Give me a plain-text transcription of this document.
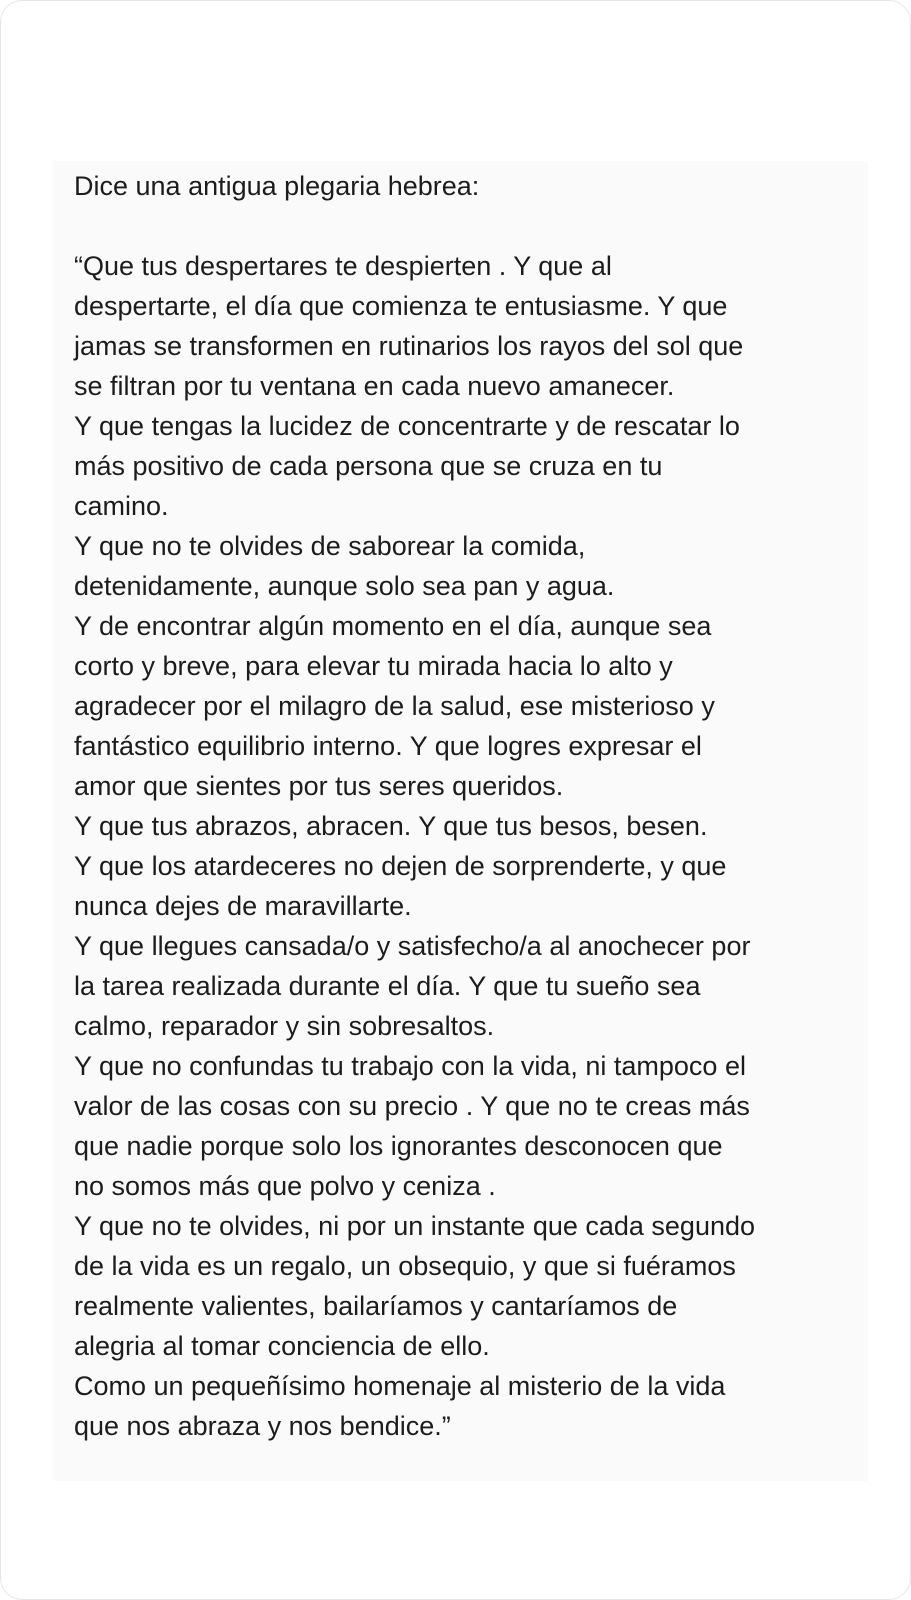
Dice una antigua plegaria hebrea:
“Que tus despertares te despierten . Y que al
despertarte, el día que comienza te entusiasme. Y que
jamas se transformen en rutinarios los rayos del sol que
se filtran por tu ventana en cada nuevo amanecer.
Y que tengas la lucidez de concentrarte y de rescatar lo
más positivo de cada persona que se cruza en tu
camino.
Y que no te olvides de saborear la comida,
detenidamente, aunque solo sea pan y agua.
Y de encontrar algún momento en el día, aunque sea
corto y breve, para elevar tu mirada hacia lo alto y
agradecer por el milagro de la salud, ese misterioso y
fantástico equilibrio interno. Y que logres expresar el
amor que sientes por tus seres queridos.
Y que tus abrazos, abracen. Y que tus besos, besen.
Y que los atardeceres no dejen de sorprenderte, y que
nunca dejes de maravillarte.
Y que llegues cansada/o y satisfecho/a al anochecer por
la tarea realizada durante el día. Y que tu sueño sea
calmo, reparador y sin sobresaltos.
Y que no confundas tu trabajo con la vida, ni tampoco el
valor de las cosas con su precio . Y que no te creas más
que nadie porque solo los ignorantes desconocen que
no somos más que polvo y ceniza .
Y que no te olvides, ni por un instante que cada segundo
de la vida es un regalo, un obsequio, y que si fuéramos
realmente valientes, bailaríamos y cantaríamos de
alegria al tomar conciencia de ello.
Como un pequeñísimo homenaje al misterio de la vida
que nos abraza y nos bendice.”
